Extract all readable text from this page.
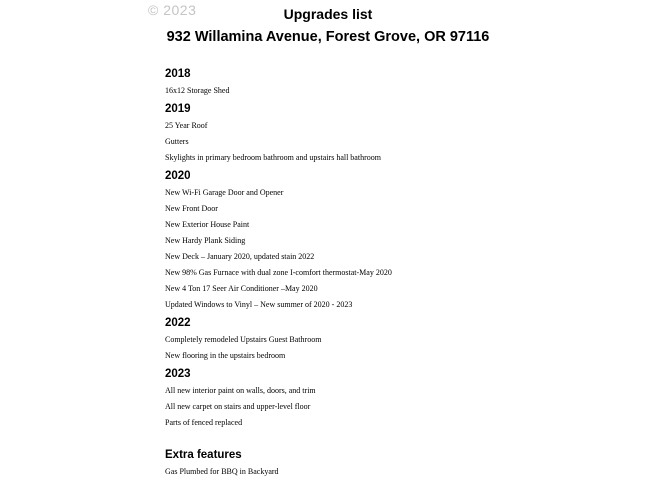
© 2023	Upgrades list
932 Willamina Avenue, Forest Grove, OR 97116
2018
16x12 Storage Shed
2019
25 Year Roof
Gutters
Skylights in primary bedroom bathroom and upstairs hall bathroom
2020
New Wi-Fi Garage Door and Opener
New Front Door
New Exterior House Paint
New Hardy Plank Siding
New Deck – January 2020, updated stain 2022
New 98% Gas Furnace with dual zone I-comfort thermostat-May 2020
New 4 Ton 17 Seer Air Conditioner –May 2020
Updated Windows to Vinyl – New summer of 2020 - 2023
2022
Completely remodeled Upstairs Guest Bathroom
New flooring in the upstairs bedroom
2023
All new interior paint on walls, doors, and trim
All new carpet on stairs and upper-level floor
Parts of fenced replaced
Extra features
Gas Plumbed for BBQ in Backyard
